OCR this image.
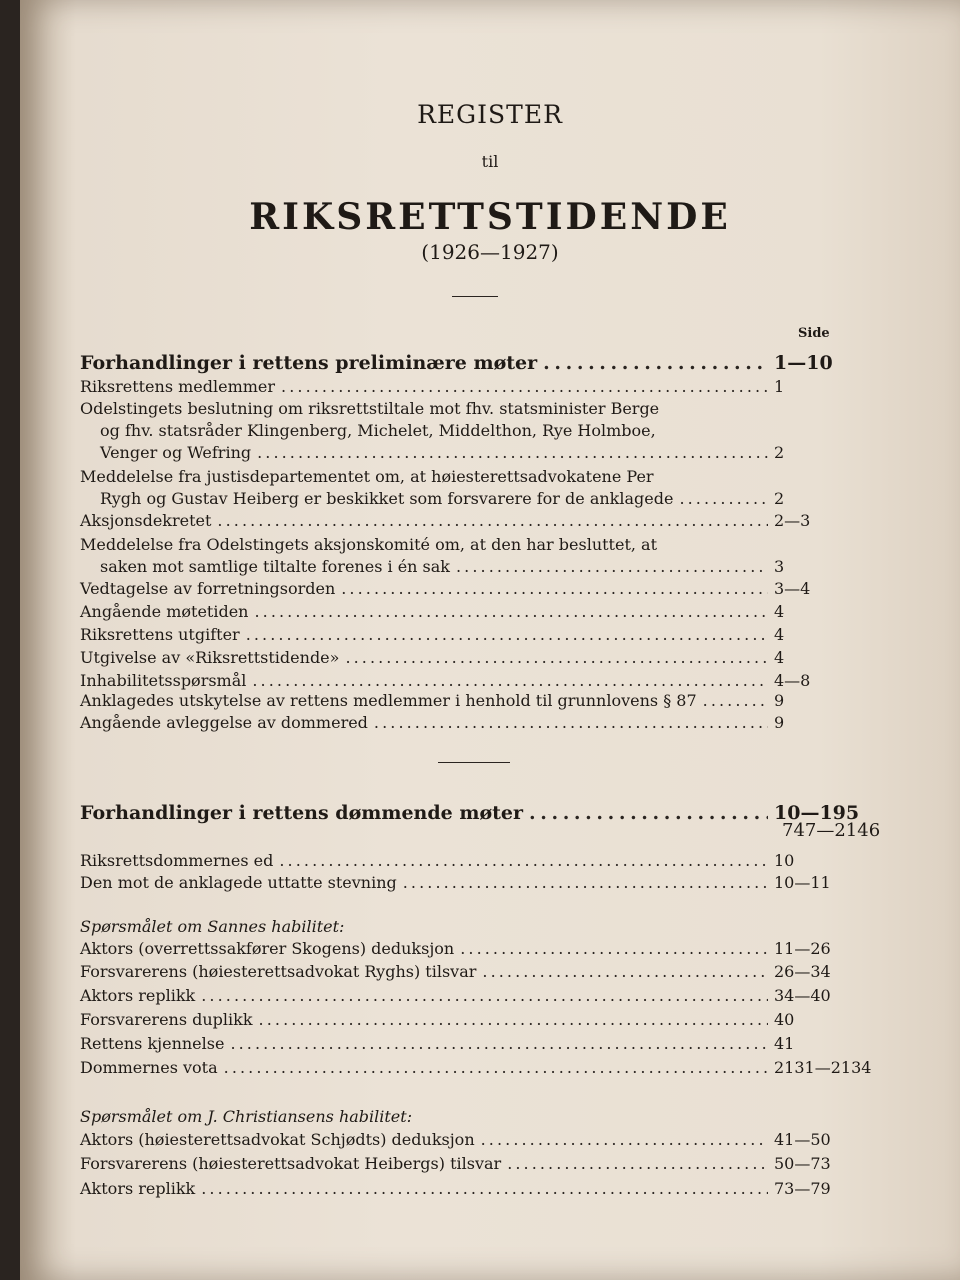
REGISTER
til
RIKSRETTSTIDENDE
(1926—1927)
Side
Forhandlinger i rettens preliminære møter . . .	1—10
Riksrettens medlemmer . . .	1
Odelstingets beslutning om riksrettstiltale mot fhv. statsminister Berge
og fhv. statsråder Klingenberg, Michelet, Middelthon, Rye Holmboe,
Venger og Wefring . . .	2
Meddelelse fra justisdepartementet om, at høiesterettsadvokatene Per
Rygh og Gustav Heiberg er beskikket som forsvarere for de anklagede . . .	2
Aksjonsdekretet . . .	2—3
Meddelelse fra Odelstingets aksjonskomité om, at den har besluttet, at
saken mot samtlige tiltalte forenes i én sak . . .	3
Vedtagelse av forretningsorden . . .	3—4
Angående møtetiden . . .	4
Riksrettens utgifter . . .	4
Utgivelse av «Riksrettstidende» . . .	4
Inhabilitetsspørsmål . . .	4—8
Anklagedes utskytelse av rettens medlemmer i henhold til grunnlovens § 87 . . .	9
Angående avleggelse av dommered . . .	9
Forhandlinger i rettens dømmende møter . . .	10—195
747—2146
Riksrettsdommernes ed . . .	10
Den mot de anklagede uttatte stevning . . .	10—11
Spørsmålet om Sannes habilitet:
Aktors (overrettssakfører Skogens) deduksjon . . .	11—26
Forsvarerens (høiesterettsadvokat Ryghs) tilsvar . . .	26—34
Aktors replikk . . .	34—40
Forsvarerens duplikk . . .	40
Rettens kjennelse . . .	41
Dommernes vota . . .	2131—2134
Spørsmålet om J. Christiansens habilitet:
Aktors (høiesterettsadvokat Schjødts) deduksjon . . .	41—50
Forsvarerens (høiesterettsadvokat Heibergs) tilsvar . . .	50—73
Aktors replikk . . .	73—79
